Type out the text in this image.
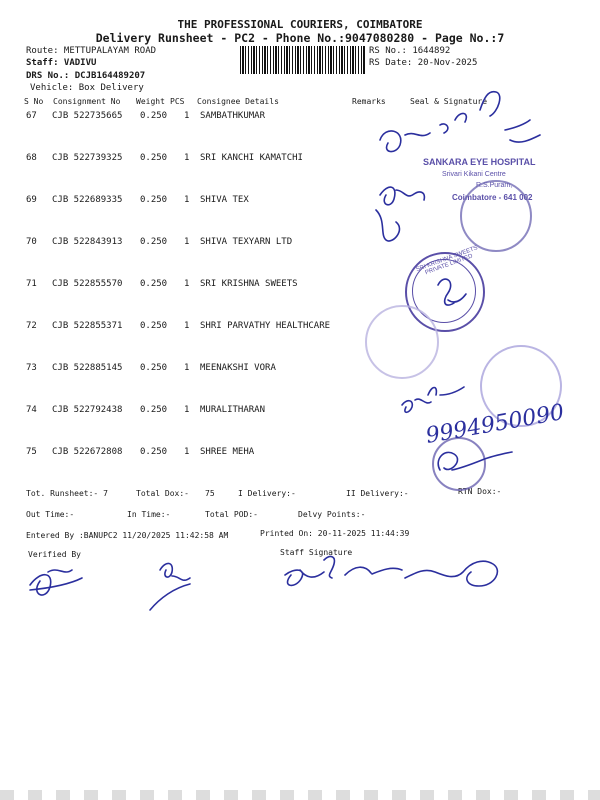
THE PROFESSIONAL COURIERS, COIMBATORE
Delivery Runsheet - PC2 - Phone No.:9047080280 - Page No.:7
Route: METTUPALAYAM ROAD
Staff: VADIVU
DRS No.: DCJB164489207
Vehicle: Box Delivery
RS No.: 1644892
RS Date: 20-Nov-2025
S No Consignment No Weight PCS Consignee Details	Remarks	Seal & Signature
67 CJB 522735665 0.250 1 SAMBATHKUMAR
68 CJB 522739325 0.250 1 SRI KANCHI KAMATCHI
69 CJB 522689335 0.250 1 SHIVA TEX
70 CJB 522843913 0.250 1 SHIVA TEXYARN LTD
71 CJB 522855570 0.250 1 SRI KRISHNA SWEETS
72 CJB 522855371 0.250 1 SHRI PARVATHY HEALTHCARE
73 CJB 522885145 0.250 1 MEENAKSHI VORA
74 CJB 522792438 0.250 1 MURALITHARAN
75 CJB 522672808 0.250 1 SHREE MEHA
Tot. Runsheet:- 7	Total Dox:- 75	I Delivery:-	II Delivery:-	RTN Dox:-
Out Time:-	In Time:-	Total POD:-	Delvy Points:-
Entered By :BANUPC2 11/20/2025 11:42:58 AM	Printed On: 20-11-2025 11:44:39
Verified By	Staff Signature
SANKARA EYE HOSPITAL
Srivari Kikani Centre
R.S.Puram,
Coimbatore - 641 002
SRI KRISHNA SWEETS PRIVATE LIMITED
9994950090
